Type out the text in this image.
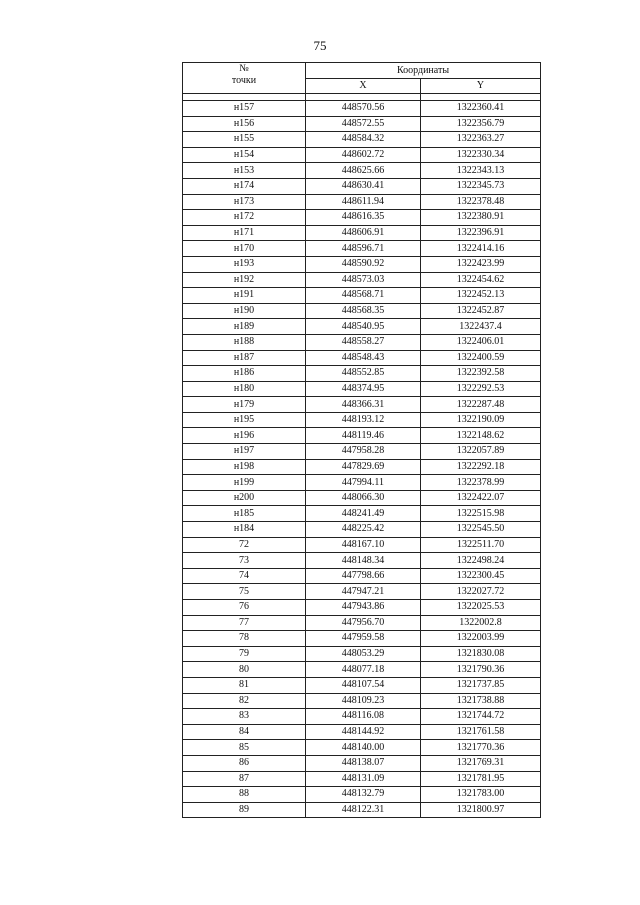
75
№
точки	Координаты	
	X	Y

н157	448570.56	1322360.41
н156	448572.55	1322356.79
н155	448584.32	1322363.27
н154	448602.72	1322330.34
н153	448625.66	1322343.13
н174	448630.41	1322345.73
н173	448611.94	1322378.48
н172	448616.35	1322380.91
н171	448606.91	1322396.91
н170	448596.71	1322414.16
н193	448590.92	1322423.99
н192	448573.03	1322454.62
н191	448568.71	1322452.13
н190	448568.35	1322452.87
н189	448540.95	1322437.4
н188	448558.27	1322406.01
н187	448548.43	1322400.59
н186	448552.85	1322392.58
н180	448374.95	1322292.53
н179	448366.31	1322287.48
н195	448193.12	1322190.09
н196	448119.46	1322148.62
н197	447958.28	1322057.89
н198	447829.69	1322292.18
н199	447994.11	1322378.99
н200	448066.30	1322422.07
н185	448241.49	1322515.98
н184	448225.42	1322545.50
72	448167.10	1322511.70
73	448148.34	1322498.24
74	447798.66	1322300.45
75	447947.21	1322027.72
76	447943.86	1322025.53
77	447956.70	1322002.8
78	447959.58	1322003.99
79	448053.29	1321830.08
80	448077.18	1321790.36
81	448107.54	1321737.85
82	448109.23	1321738.88
83	448116.08	1321744.72
84	448144.92	1321761.58
85	448140.00	1321770.36
86	448138.07	1321769.31
87	448131.09	1321781.95
88	448132.79	1321783.00
89	448122.31	1321800.97
